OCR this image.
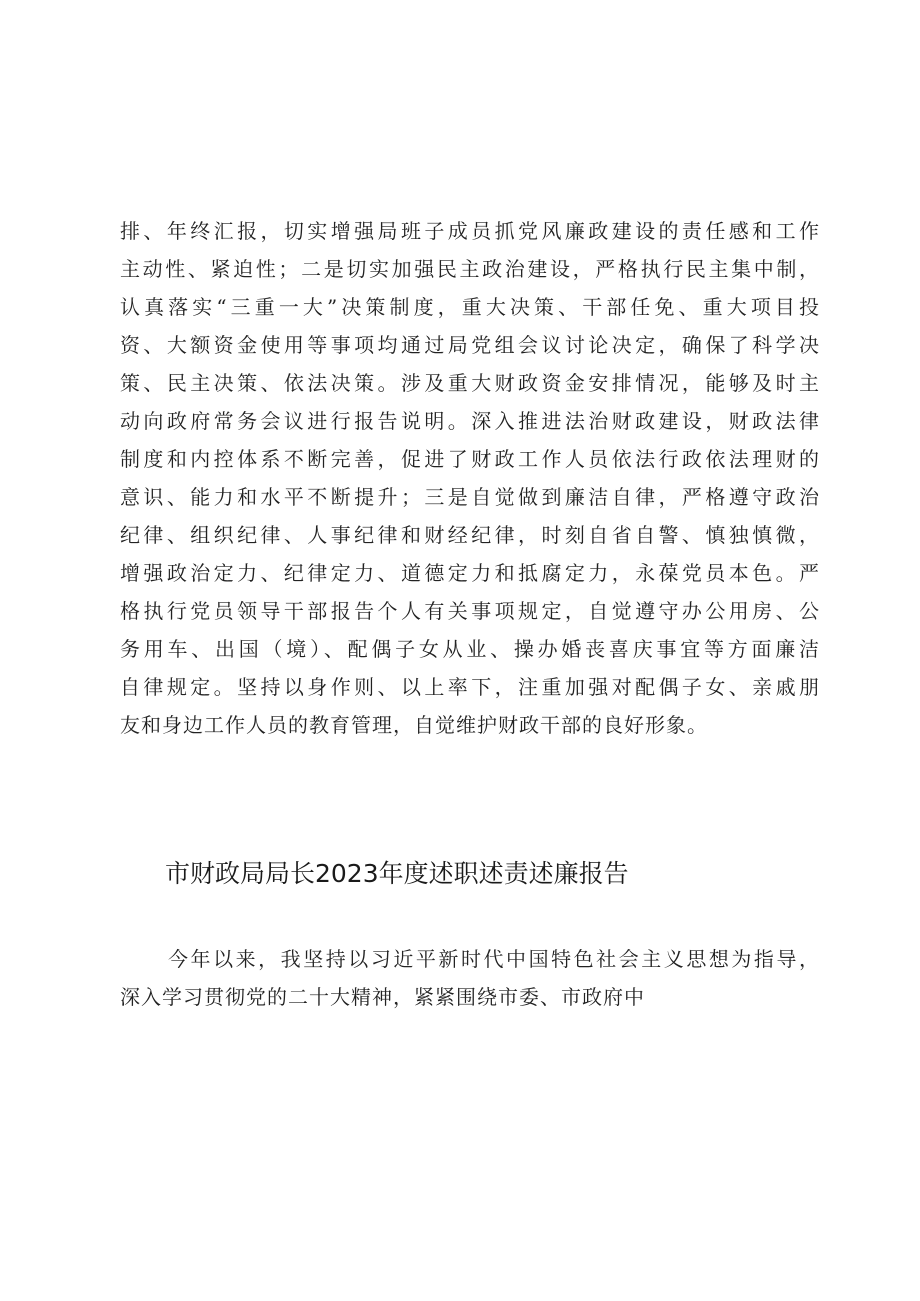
排、年终汇报，切实增强局班子成员抓党风廉政建设的责任感和工作
主动性、紧迫性；二是切实加强民主政治建设，严格执行民主集中制，
认真落实“三重一大”决策制度，重大决策、干部任免、重大项目投
资、大额资金使用等事项均通过局党组会议讨论决定，确保了科学决
策、民主决策、依法决策。涉及重大财政资金安排情况，能够及时主
动向政府常务会议进行报告说明。深入推进法治财政建设，财政法律
制度和内控体系不断完善，促进了财政工作人员依法行政依法理财的
意识、能力和水平不断提升；三是自觉做到廉洁自律，严格遵守政治
纪律、组织纪律、人事纪律和财经纪律，时刻自省自警、慎独慎微，
增强政治定力、纪律定力、道德定力和抵腐定力，永葆党员本色。严
格执行党员领导干部报告个人有关事项规定，自觉遵守办公用房、公
务用车、出国（境）、配偶子女从业、操办婚丧喜庆事宜等方面廉洁
自律规定。坚持以身作则、以上率下，注重加强对配偶子女、亲戚朋
友和身边工作人员的教育管理，自觉维护财政干部的良好形象。
市财政局局长2023年度述职述责述廉报告
今年以来，我坚持以习近平新时代中国特色社会主义思想为指导，
深入学习贯彻党的二十大精神，紧紧围绕市委、市政府中
